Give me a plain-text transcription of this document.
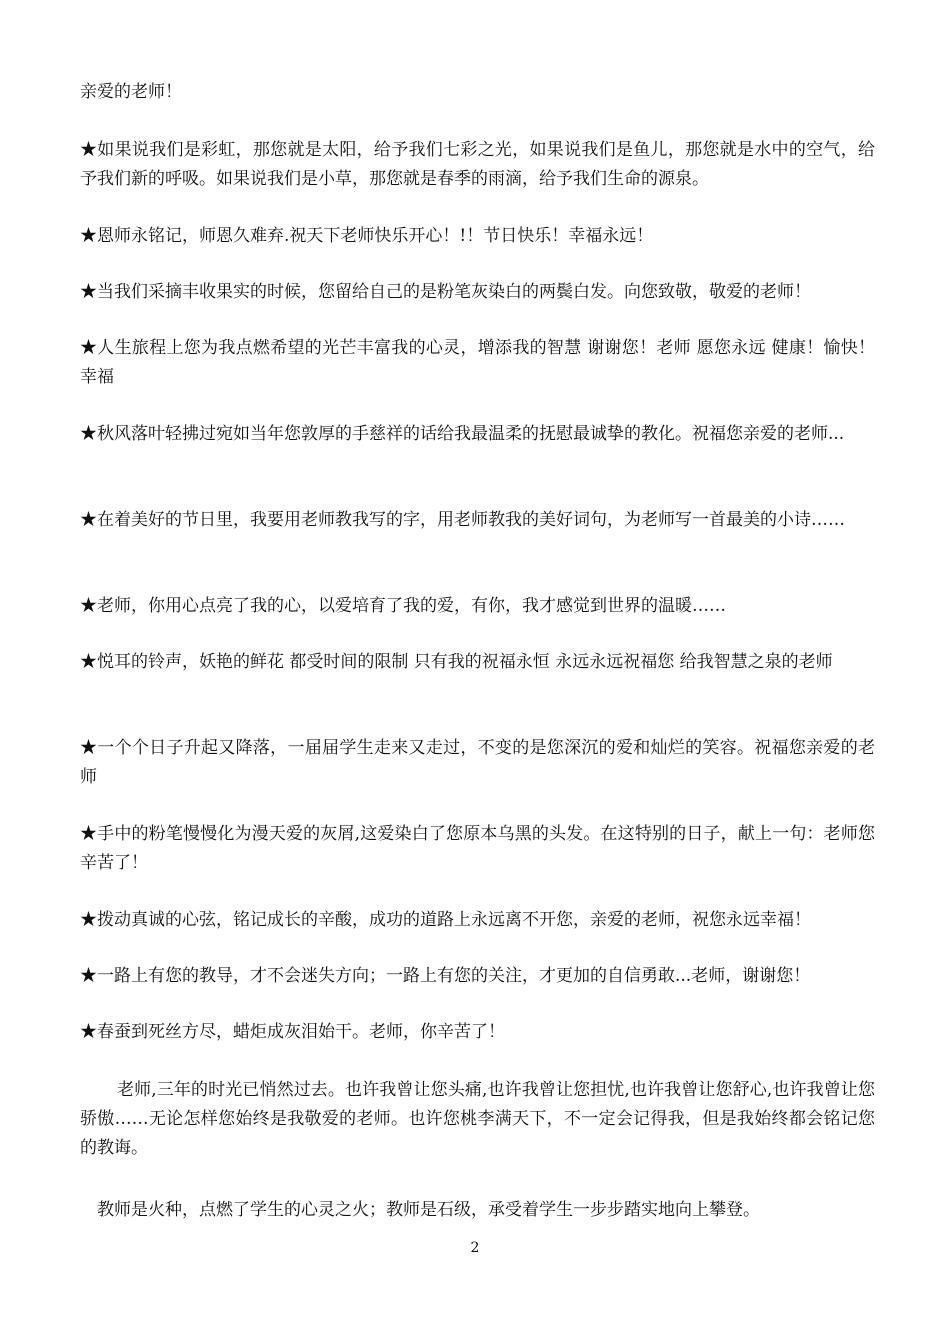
亲爱的老师！

★如果说我们是彩虹，那您就是太阳，给予我们七彩之光，如果说我们是鱼儿，那您就是水中的空气，给予我们新的呼吸。如果说我们是小草，那您就是春季的雨滴，给予我们生命的源泉。

★恩师永铭记，师恩久难弃.祝天下老师快乐开心！!！节日快乐！幸福永远！

★当我们采摘丰收果实的时候，您留给自己的是粉笔灰染白的两鬓白发。向您致敬，敬爱的老师！

★人生旅程上您为我点燃希望的光芒丰富我的心灵，增添我的智慧 谢谢您！老师 愿您永远 健康！愉快！幸福

★秋风落叶轻拂过宛如当年您敦厚的手慈祥的话给我最温柔的抚慰最诚挚的教化。祝福您亲爱的老师...

★在着美好的节日里，我要用老师教我写的字，用老师教我的美好词句，为老师写一首最美的小诗……

★老师，你用心点亮了我的心，以爱培育了我的爱，有你，我才感觉到世界的温暖……

★悦耳的铃声，妖艳的鲜花 都受时间的限制 只有我的祝福永恒 永远永远祝福您 给我智慧之泉的老师

★一个个日子升起又降落，一届届学生走来又走过，不变的是您深沉的爱和灿烂的笑容。祝福您亲爱的老师

★手中的粉笔慢慢化为漫天爱的灰屑,这爱染白了您原本乌黑的头发。在这特别的日子，献上一句：老师您辛苦了！

★拨动真诚的心弦，铭记成长的辛酸，成功的道路上永远离不开您，亲爱的老师，祝您永远幸福！

★一路上有您的教导，才不会迷失方向；一路上有您的关注，才更加的自信勇敢...老师，谢谢您！

★春蚕到死丝方尽，蜡炬成灰泪始干。老师，你辛苦了！

老师,三年的时光已悄然过去。也许我曾让您头痛,也许我曾让您担忧,也许我曾让您舒心,也许我曾让您骄傲……无论怎样您始终是我敬爱的老师。也许您桃李满天下，不一定会记得我，但是我始终都会铭记您的教诲。

教师是火种，点燃了学生的心灵之火；教师是石级，承受着学生一步步踏实地向上攀登。

2
